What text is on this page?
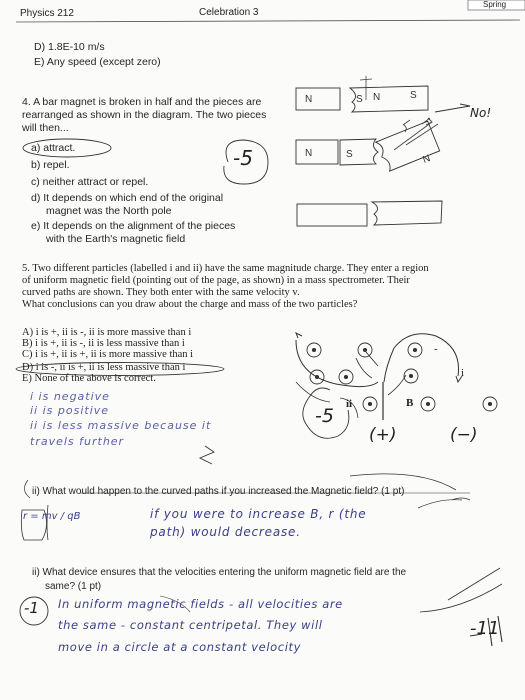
Physics 212	Celebration 3
Spring
D) 1.8E-10 m/s
E) Any speed (except zero)
4. A bar magnet is broken in half and the pieces are
rearranged as shown in the diagram. The two pieces
will then...
a) attract.
b) repel.
c) neither attract or repel.
d) It depends on which end of the original
magnet was the North pole
e) It depends on the alignment of the pieces
with the Earth's magnetic field
-5
No!
N	S N	S
N	S	N
5. Two different particles (labelled i and ii) have the same magnitude charge. They enter a region
of uniform magnetic field (pointing out of the page, as shown) in a mass spectrometer. Their
curved paths are shown. They both enter with the same velocity v.
What conclusions can you draw about the charge and mass of the two particles?
A) i is +, ii is -, ii is more massive than i
B) i is +, ii is -, ii is less massive than i
C) i is +, ii is +, ii is more massive than i
D) i is -, ii is +, ii is less massive than i
E) None of the above is correct.
i is negative
ii is positive
ii is less massive because it
travels further
-5
i
ii	B
-
(+)	(−)
ii) What would happen to the curved paths if you increased the Magnetic field? (1 pt)
r = mv / qB	if you were to increase B, r (the
path) would decrease.
ii) What device ensures that the velocities entering the uniform magnetic field are the
same? (1 pt)
In uniform magnetic fields - all velocities are
the same - constant centripetal. They will
move in a circle at a constant velocity
-1
-11
